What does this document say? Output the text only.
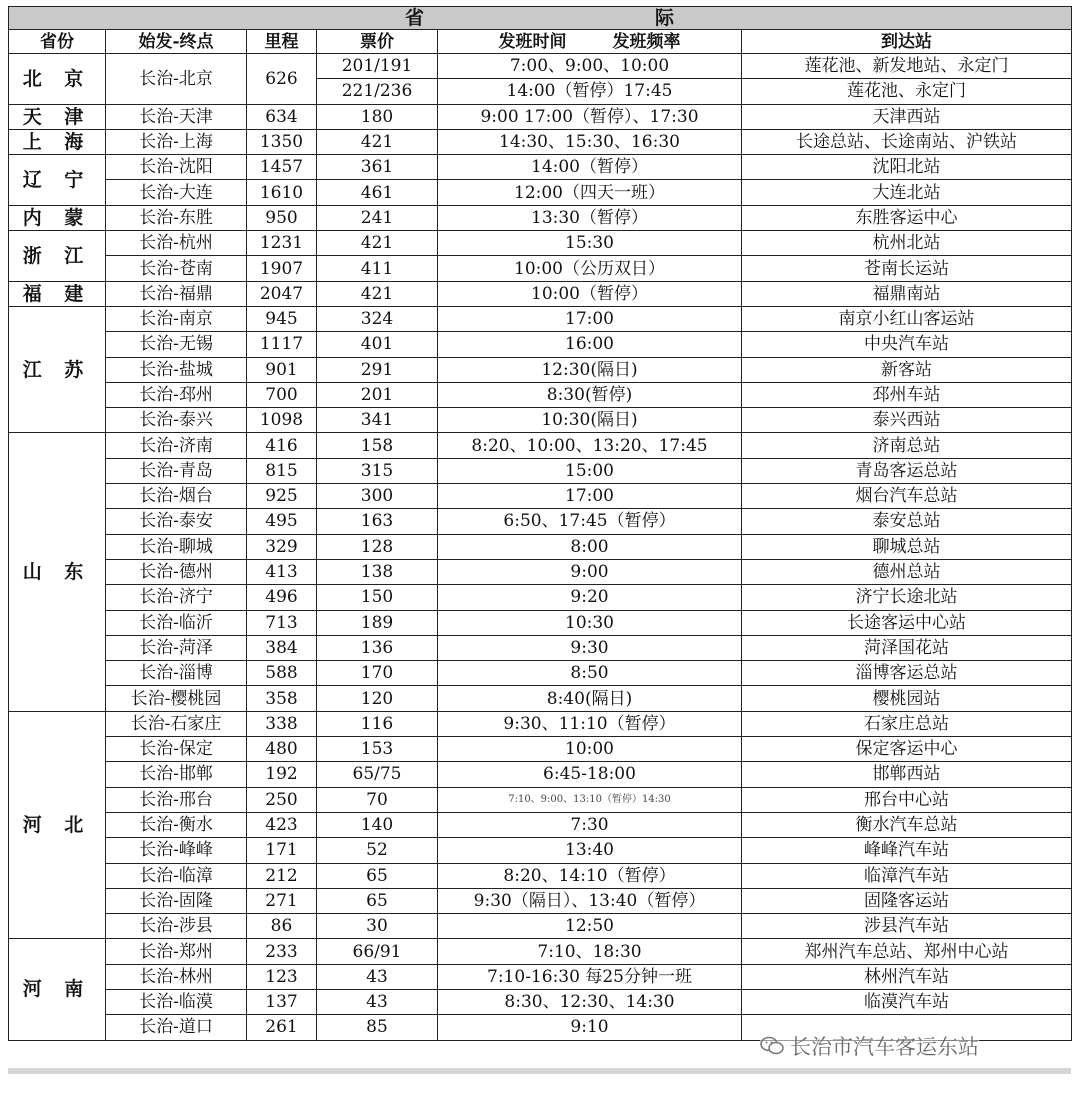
省 际					
省份	始发-终点	里程	票价	发班时间 发班频率	到达站
北 京	长治-北京	626	201/191	7:00、9:00、10:00	莲花池、新发地站、永定门
			221/236	14:00（暂停）17:45	莲花池、永定门
天 津	长治-天津	634	180	9:00 17:00（暂停）、17:30	天津西站
上 海	长治-上海	1350	421	14:30、15:30、16:30	长途总站、长途南站、沪铁站
辽 宁	长治-沈阳	1457	361	14:00（暂停）	沈阳北站
	长治-大连	1610	461	12:00（四天一班）	大连北站
内 蒙	长治-东胜	950	241	13:30（暂停）	东胜客运中心
浙 江	长治-杭州	1231	421	15:30	杭州北站
	长治-苍南	1907	411	10:00（公历双日）	苍南长运站
福 建	长治-福鼎	2047	421	10:00（暂停）	福鼎南站
江 苏	长治-南京	945	324	17:00	南京小红山客运站
	长治-无锡	1117	401	16:00	中央汽车站
	长治-盐城	901	291	12:30(隔日)	新客站
	长治-邳州	700	201	8:30(暂停)	邳州车站
	长治-泰兴	1098	341	10:30(隔日)	泰兴西站
山 东	长治-济南	416	158	8:20、10:00、13:20、17:45	济南总站
	长治-青岛	815	315	15:00	青岛客运总站
	长治-烟台	925	300	17:00	烟台汽车总站
	长治-泰安	495	163	6:50、17:45（暂停）	泰安总站
	长治-聊城	329	128	8:00	聊城总站
	长治-德州	413	138	9:00	德州总站
	长治-济宁	496	150	9:20	济宁长途北站
	长治-临沂	713	189	10:30	长途客运中心站
	长治-菏泽	384	136	9:30	菏泽国花站
	长治-淄博	588	170	8:50	淄博客运总站
	长治-樱桃园	358	120	8:40(隔日)	樱桃园站
河 北	长治-石家庄	338	116	9:30、11:10（暂停）	石家庄总站
	长治-保定	480	153	10:00	保定客运中心
	长治-邯郸	192	65/75	6:45-18:00	邯郸西站
	长治-邢台	250	70	7:10、9:00、13:10（暂停）14:30	邢台中心站
	长治-衡水	423	140	7:30	衡水汽车总站
	长治-峰峰	171	52	13:40	峰峰汽车站
	长治-临漳	212	65	8:20、14:10（暂停）	临漳汽车站
	长治-固隆	271	65	9:30（隔日）、13:40（暂停）	固隆客运站
	长治-涉县	86	30	12:50	涉县汽车站
河 南	长治-郑州	233	66/91	7:10、18:30	郑州汽车总站、郑州中心站
	长治-林州	123	43	7:10-16:30 每25分钟一班	林州汽车站
	长治-临漠	137	43	8:30、12:30、14:30	临漠汽车站
	长治-道口	261	85	9:10	
长治市汽车客运东站
